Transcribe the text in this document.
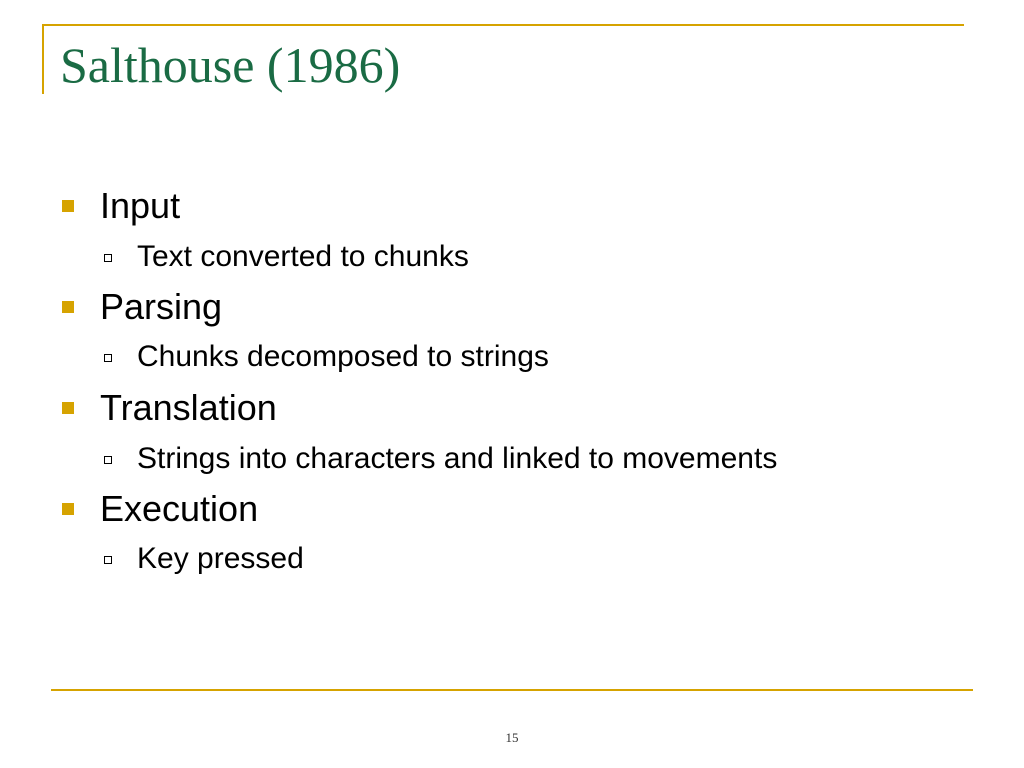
Salthouse (1986)
Input
Text converted to chunks
Parsing
Chunks decomposed to strings
Translation
Strings into characters and linked to movements
Execution
Key pressed
15
